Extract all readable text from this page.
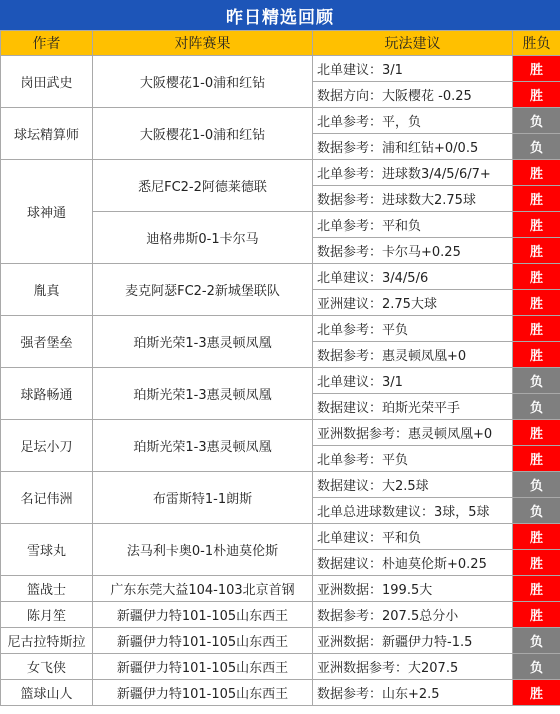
昨日精选回顾
作者	对阵赛果	玩法建议	胜负
岗田武史	大阪樱花1-0浦和红钻	北单建议：3/1	胜
		数据方向：大阪樱花 -0.25	胜
球坛精算师	大阪樱花1-0浦和红钻	北单参考：平，负	负
		数据参考：浦和红钻+0/0.5	负
球神通	悉尼FC2-2阿德莱德联	北单参考：进球数3/4/5/6/7+	胜
		数据参考：进球数大2.75球	胜
	迪格弗斯0-1卡尔马	北单参考：平和负	胜
		数据参考：卡尔马+0.25	胜
胤真	麦克阿瑟FC2-2新城堡联队	北单建议：3/4/5/6	胜
		亚洲建议：2.75大球	胜
强者堡垒	珀斯光荣1-3惠灵顿凤凰	北单参考：平负	胜
		数据参考：惠灵顿凤凰+0	胜
球路畅通	珀斯光荣1-3惠灵顿凤凰	北单建议：3/1	负
		数据建议：珀斯光荣平手	负
足坛小刀	珀斯光荣1-3惠灵顿凤凰	亚洲数据参考：惠灵顿凤凰+0	胜
		北单参考：平负	胜
名记伟洲	布雷斯特1-1朗斯	数据建议：大2.5球	负
		北单总进球数建议：3球，5球	负
雪球丸	法马利卡奥0-1朴迪莫伦斯	北单建议：平和负	胜
		数据建议：朴迪莫伦斯+0.25	胜
篮战士	广东东莞大益104-103北京首钢	亚洲数据：199.5大	胜
陈月笙	新疆伊力特101-105山东西王	数据参考：207.5总分小	胜
尼古拉特斯拉	新疆伊力特101-105山东西王	亚洲数据：新疆伊力特-1.5	负
女飞侠	新疆伊力特101-105山东西王	亚洲数据参考：大207.5	负
篮球山人	新疆伊力特101-105山东西王	数据参考：山东+2.5	胜
